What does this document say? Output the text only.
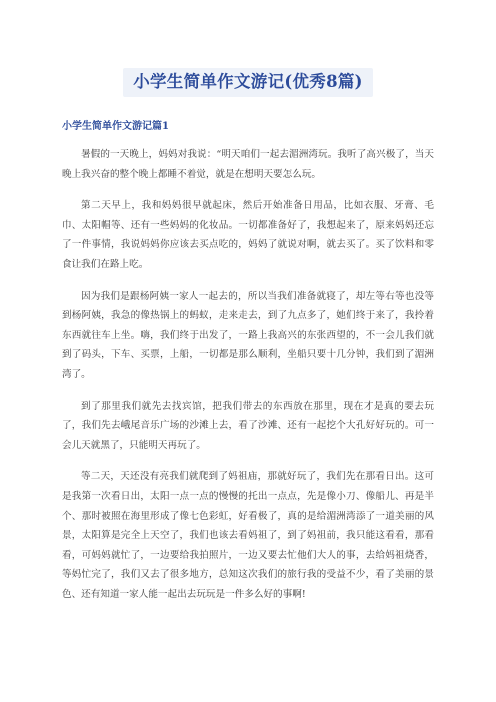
小学生简单作文游记(优秀8篇)
小学生简单作文游记篇1

暑假的一天晚上，妈妈对我说：“明天咱们一起去湄洲湾玩。我听了高兴极了，当天晚上我兴奋的整个晚上都睡不着觉，就是在想明天要怎么玩。

第二天早上，我和妈妈很早就起床，然后开始准备日用品，比如衣服、牙膏、毛巾、太阳帽等、还有一些妈妈的化妆品。一切都准备好了，我想起来了，原来妈妈还忘了一件事情，我说妈妈你应该去买点吃的，妈妈了就说对啊，就去买了。买了饮料和零食让我们在路上吃。

因为我们是跟杨阿姨一家人一起去的，所以当我们准备就寝了，却左等右等也没等到杨阿姨，我急的像热锅上的蚂蚁，走来走去，到了九点多了，她们终于来了，我拎着东西就往车上坐。嗨，我们终于出发了，一路上我高兴的东张西望的，不一会儿我们就到了码头，下车、买票，上船，一切都是那么顺利，坐船只要十几分钟，我们到了湄洲湾了。

到了那里我们就先去找宾馆，把我们带去的东西放在那里，现在才是真的要去玩了，我们先去峨尾音乐广场的沙滩上去，看了沙滩、还有一起挖个大孔好好玩的。可一会儿天就黑了，只能明天再玩了。

等二天，天还没有亮我们就爬到了妈祖庙，那就好玩了，我们先在那看日出。这可是我第一次看日出，太阳一点一点的慢慢的托出一点点，先是像小刀、像船儿、再是半个、那时被照在海里形成了像七色彩虹，好看极了，真的是给湄洲湾添了一道美丽的风景，太阳算是完全上天空了，我们也该去看妈祖了，到了妈祖前，我只能这看看，那看看，可妈妈就忙了，一边要给我拍照片，一边又要去忙他们大人的事，去给妈祖烧香，等妈忙完了，我们又去了很多地方，总知这次我们的旅行我的受益不少，看了美丽的景色、还有知道一家人能一起出去玩玩是一件多么好的事啊!
